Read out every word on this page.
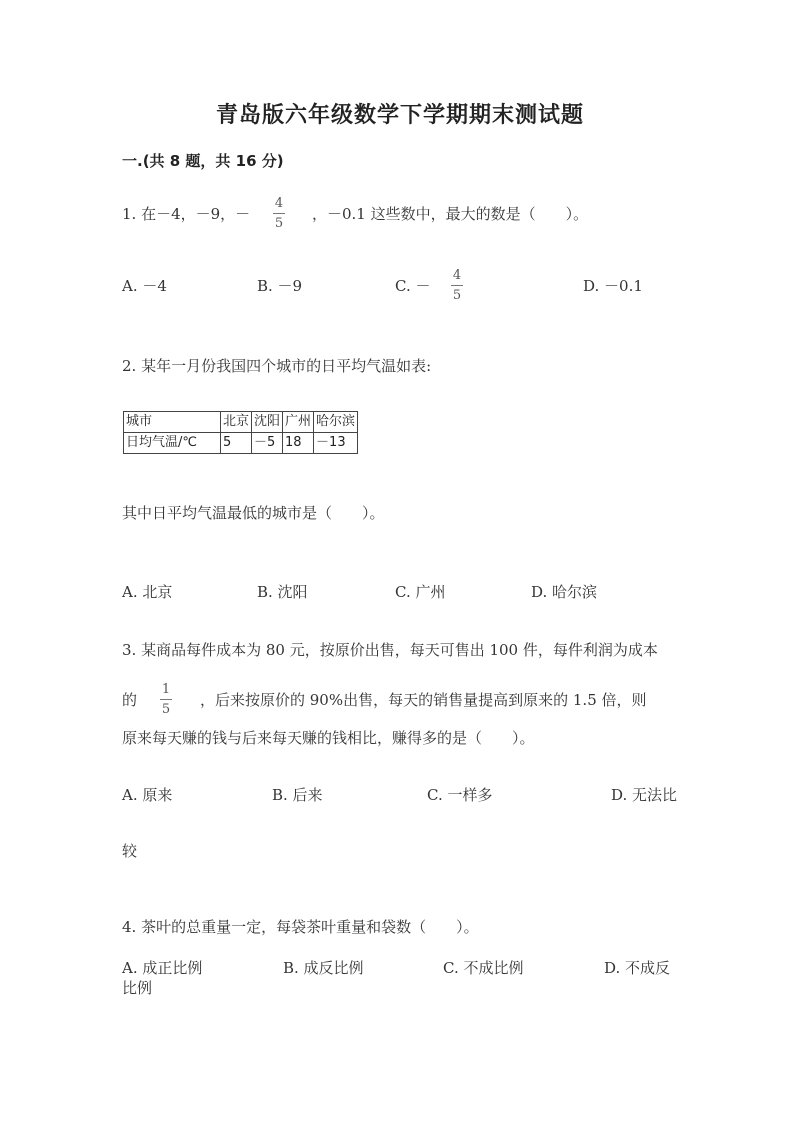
青岛版六年级数学下学期期末测试题
一.(共 8 题，共 16 分)
1. 在－4，－9，－
4
5
，－0.1 这些数中，最大的数是（　　）。
A. －4	B. －9	C. －
4
5
D. －0.1
2. 某年一月份我国四个城市的日平均气温如表:
城市	北京	沈阳	广州	哈尔滨
日均气温/℃	5	－5	18	－13
其中日平均气温最低的城市是（　　）。
A. 北京	B. 沈阳	C. 广州	D. 哈尔滨
3. 某商品每件成本为 80 元，按原价出售，每天可售出 100 件，每件利润为成本
的
1
5
，后来按原价的 90%出售，每天的销售量提高到原来的 1.5 倍，则
原来每天赚的钱与后来每天赚的钱相比，赚得多的是（　　）。
A. 原来	B. 后来	C. 一样多	D. 无法比
较
4. 茶叶的总重量一定，每袋茶叶重量和袋数（　　）。
A. 成正比例	B. 成反比例	C. 不成比例	D. 不成反
比例
